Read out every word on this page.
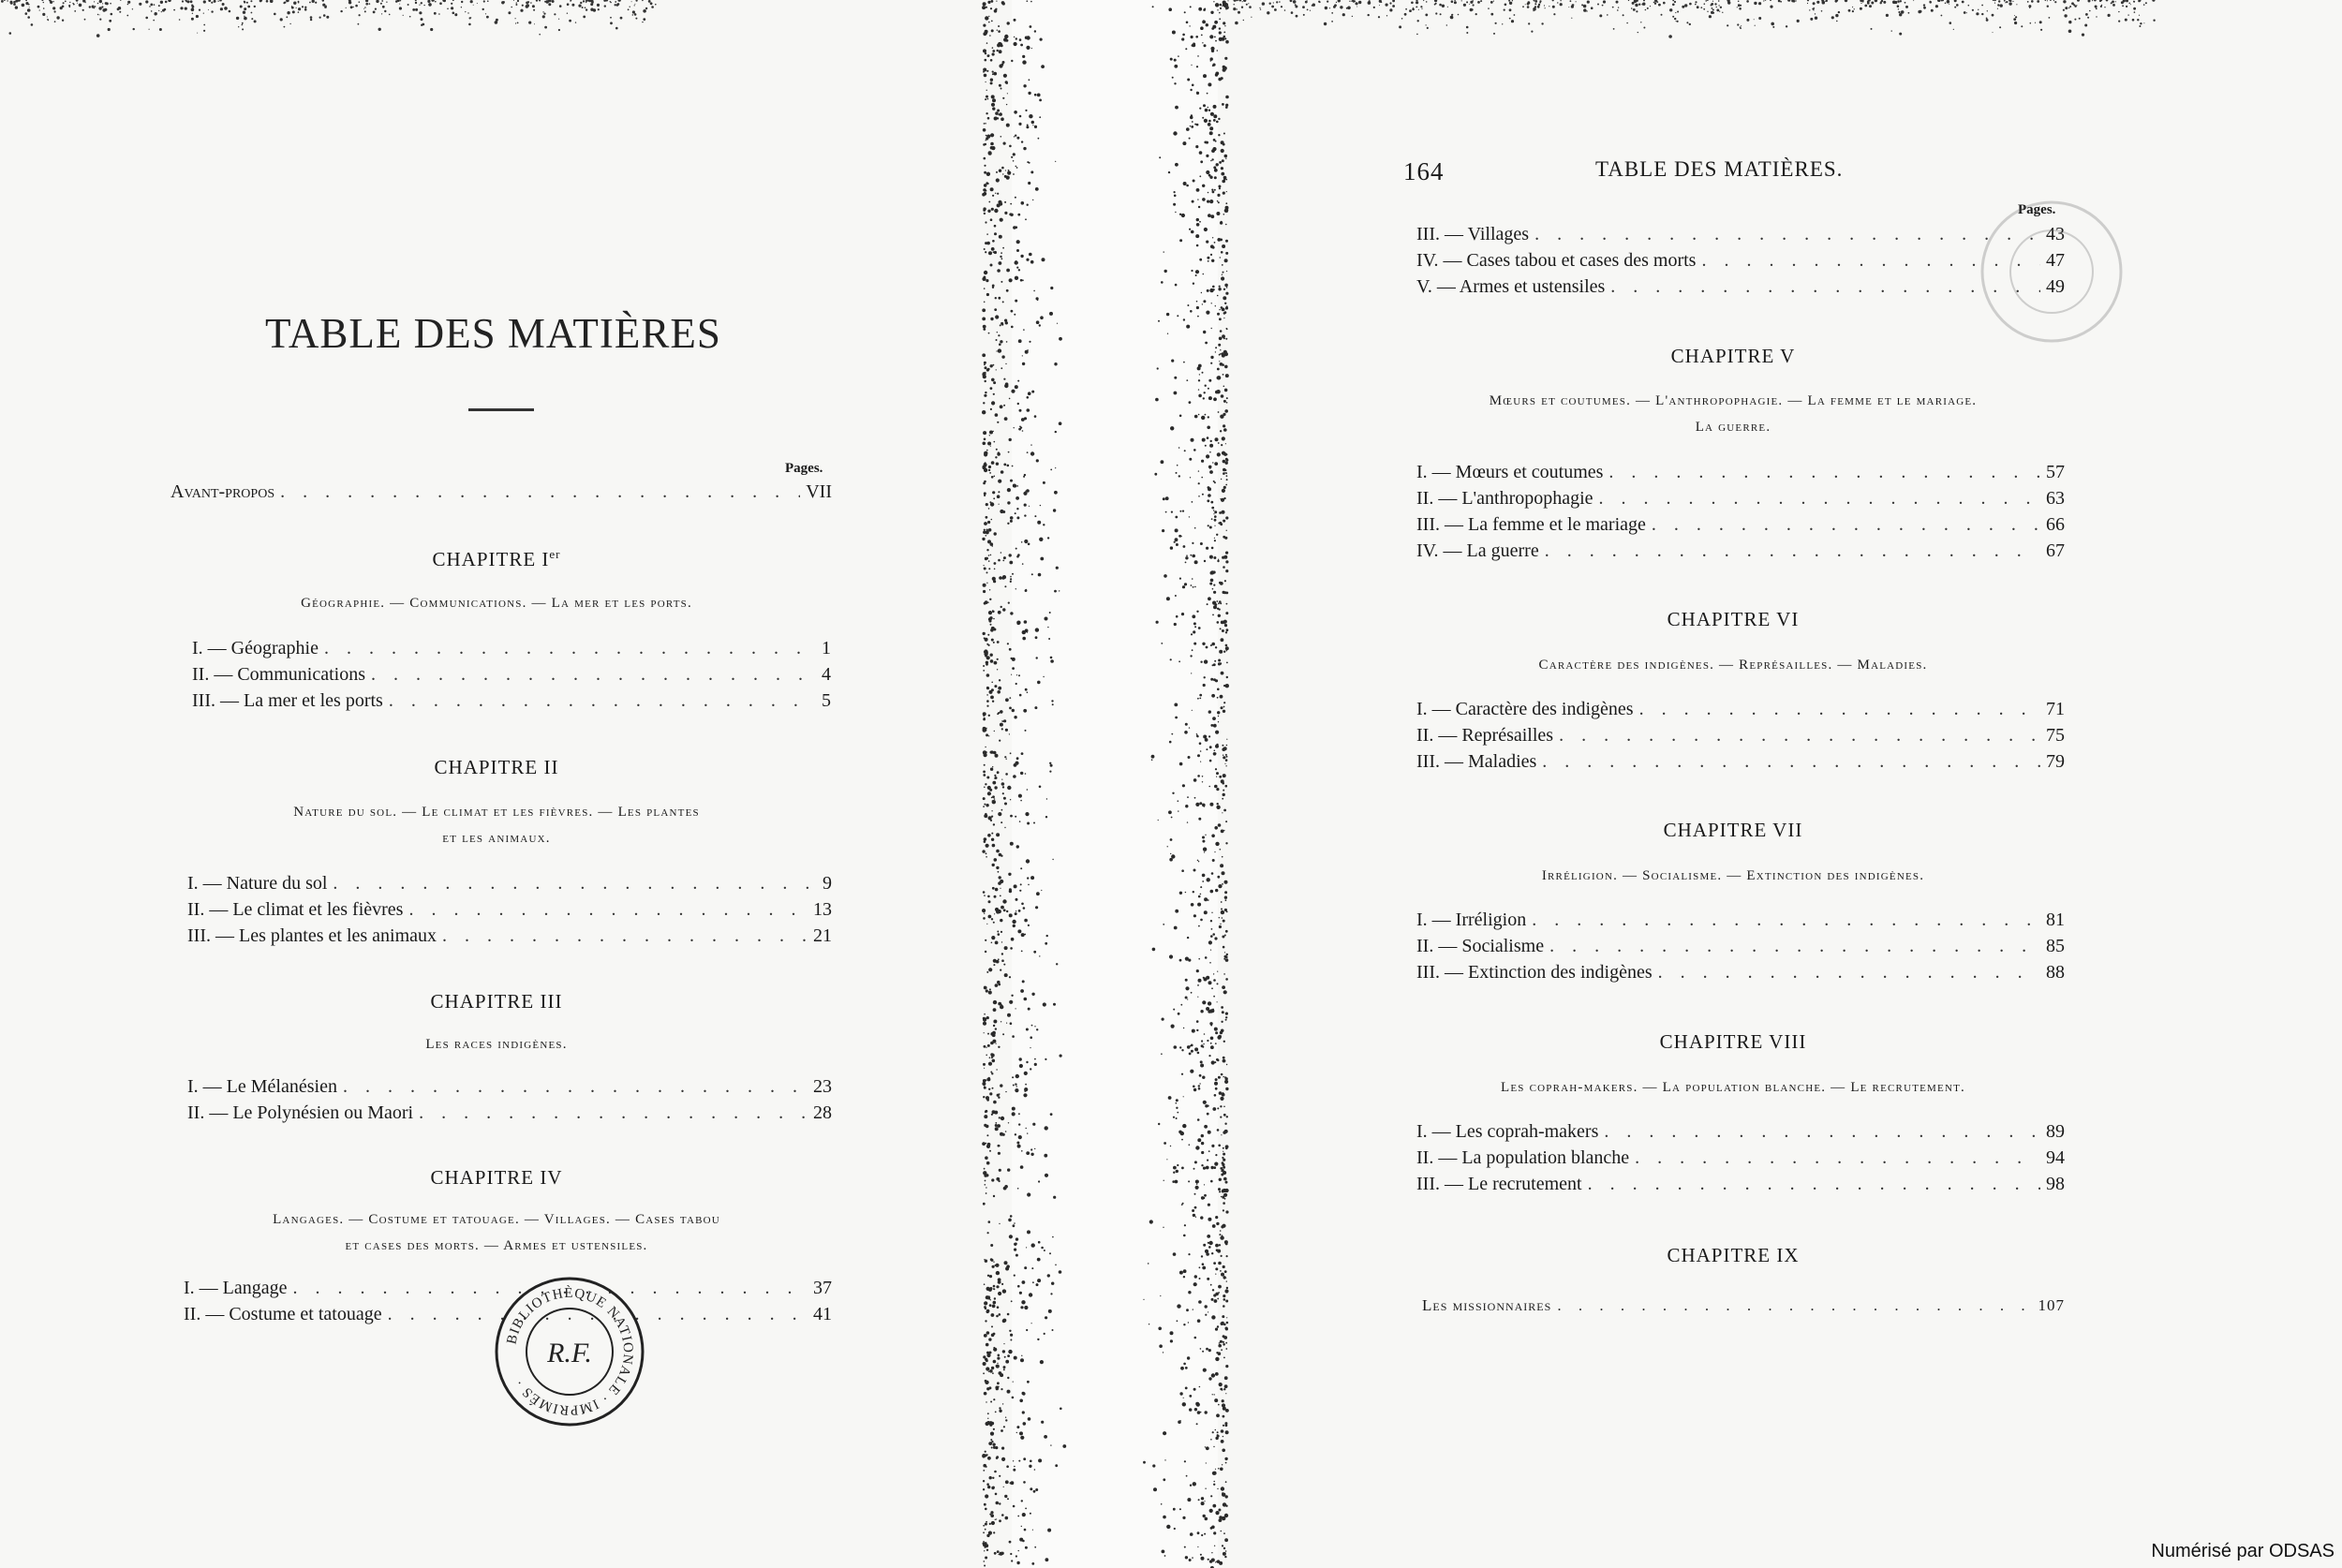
TABLE DES MATIÈRES
Pages.
Avant-propos . . .	VII
CHAPITRE Ier
Géographie. — Communications. — La mer et les ports.
I. — Géographie . . .	1
II. — Communications . . .	4
III. — La mer et les ports . . .	5
CHAPITRE II
Nature du sol. — Le climat et les fièvres. — Les plantes
et les animaux.
I. — Nature du sol . . .	9
II. — Le climat et les fièvres . . .	13
III. — Les plantes et les animaux . . .	21
CHAPITRE III
Les races indigènes.
I. — Le Mélanésien . . .	23
II. — Le Polynésien ou Maori . . .	28
CHAPITRE IV
Langages. — Costume et tatouage. — Villages. — Cases tabou
et cases des morts. — Armes et ustensiles.
I. — Langage . . .	37
II. — Costume et tatouage . . .	41
BIBLIOTHÈQUE NATIONALE · IMPRIMÉS ·
R.F.
164	TABLE DES MATIÈRES.
Pages.
III. — Villages . . .	43
IV. — Cases tabou et cases des morts . . .	47
V. — Armes et ustensiles . . .	49
CHAPITRE V
Mœurs et coutumes. — L'anthropophagie. — La femme et le mariage.
La guerre.
I. — Mœurs et coutumes . . .	57
II. — L'anthropophagie . . .	63
III. — La femme et le mariage . . .	66
IV. — La guerre . . .	67
CHAPITRE VI
Caractère des indigènes. — Représailles. — Maladies.
I. — Caractère des indigènes . . .	71
II. — Représailles . . .	75
III. — Maladies . . .	79
CHAPITRE VII
Irréligion. — Socialisme. — Extinction des indigènes.
I. — Irréligion . . .	81
II. — Socialisme . . .	85
III. — Extinction des indigènes . . .	88
CHAPITRE VIII
Les coprah-makers. — La population blanche. — Le recrutement.
I. — Les coprah-makers . . .	89
II. — La population blanche . . .	94
III. — Le recrutement . . .	98
CHAPITRE IX
Les missionnaires . . .	107
Numérisé par ODSAS
